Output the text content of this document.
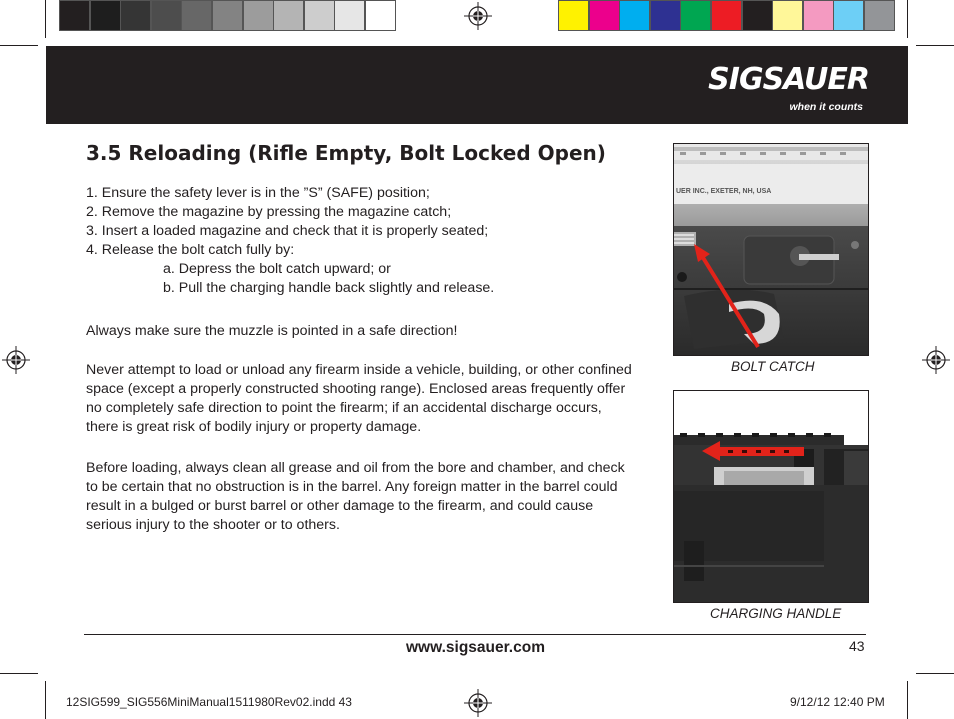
SIGSAUER
when it counts
3.5 Reloading (Rifle Empty, Bolt Locked Open)
1. Ensure the safety lever is in the ”S” (SAFE) position;
2. Remove the magazine by pressing the magazine catch;
3. Insert a loaded magazine and check that it is properly seated;
4. Release the bolt catch fully by:
a. Depress the bolt catch upward; or
b. Pull the charging handle back slightly and release.
Always make sure the muzzle is pointed in a safe direction!
Never attempt to load or unload any firearm inside a vehicle, building, or other confined
space (except a properly constructed shooting range). Enclosed areas frequently offer
no completely safe direction to point the firearm; if an accidental discharge occurs,
there is great risk of bodily injury or property damage.
Before loading, always clean all grease and oil from the bore and chamber, and check
to be certain that no obstruction is in the barrel. Any foreign matter in the barrel could
result in a bulged or burst barrel or other damage to the firearm, and could cause
serious injury to the shooter or to others.
UER INC., EXETER, NH, USA
BOLT CATCH
CHARGING HANDLE
www.sigsauer.com	43
12SIG599_SIG556MiniManual1511980Rev02.indd 43	9/12/12 12:40 PM
